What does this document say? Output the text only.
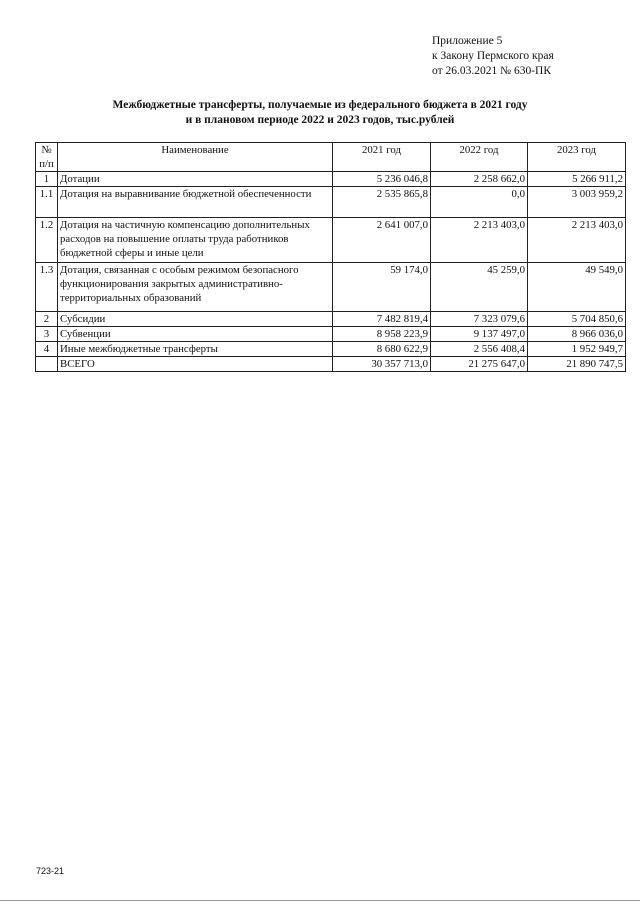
Приложение 5
к Закону Пермского края
от 26.03.2021 № 630-ПК
Межбюджетные трансферты, получаемые из федерального бюджета в 2021 году
и в плановом периоде 2022 и 2023 годов, тыс.рублей
№
п/п	Наименование	2021 год	2022 год	2023 год
1	Дотации	5 236 046,8	2 258 662,0	5 266 911,2
1.1	Дотация на выравнивание бюджетной обеспеченности	2 535 865,8	0,0	3 003 959,2
1.2	Дотация на частичную компенсацию дополнительных расходов на повышение оплаты труда работников бюджетной сферы и иные цели	2 641 007,0	2 213 403,0	2 213 403,0
1.3	Дотация, связанная с особым режимом безопасного функционирования закрытых административно-территориальных образований	59 174,0	45 259,0	49 549,0
2	Субсидии	7 482 819,4	7 323 079,6	5 704 850,6
3	Субвенции	8 958 223,9	9 137 497,0	8 966 036,0
4	Иные межбюджетные трансферты	8 680 622,9	2 556 408,4	1 952 949,7
	ВСЕГО	30 357 713,0	21 275 647,0	21 890 747,5
723-21
